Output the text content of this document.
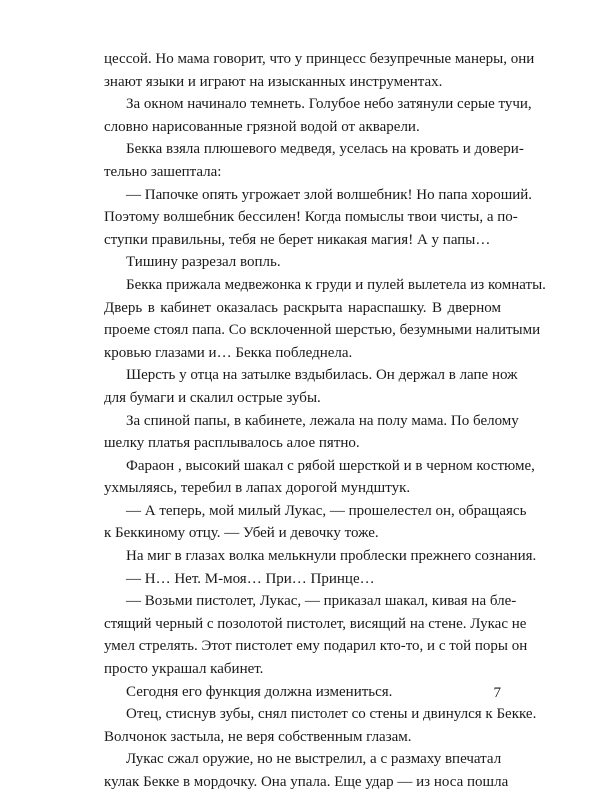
цессой. Но мама говорит, что у принцесс безупречные манеры, они
знают языки и играют на изысканных инструментах.
За окном начинало темнеть. Голубое небо затянули серые тучи,
словно нарисованные грязной водой от акварели.
Бекка взяла плюшевого медведя, уселась на кровать и довери-
тельно зашептала:
— Папочке опять угрожает злой волшебник! Но папа хороший.
Поэтому волшебник бессилен! Когда помыслы твои чисты, а по-
ступки правильны, тебя не берет никакая магия! А у папы…
Тишину разрезал вопль.
Бекка прижала медвежонка к груди и пулей вылетела из комнаты.
Дверь в кабинет оказалась раскрыта нараспашку. В дверном
проеме стоял папа. Со всклоченной шерстью, безумными налитыми
кровью глазами и… Бекка побледнела.
Шерсть у отца на затылке вздыбилась. Он держал в лапе нож
для бумаги и скалил острые зубы.
За спиной папы, в кабинете, лежала на полу мама. По белому
шелку платья расплывалось алое пятно.
Фараон , высокий шакал с рябой шерсткой и в черном костюме,
ухмыляясь, теребил в лапах дорогой мундштук.
— А теперь, мой милый Лукас, — прошелестел он, обращаясь
к Беккиному отцу. — Убей и девочку тоже.
На миг в глазах волка мелькнули проблески прежнего сознания.
— Н… Нет. М-моя… При… Принце…
— Возьми пистолет, Лукас, — приказал шакал, кивая на бле-
стящий черный с позолотой пистолет, висящий на стене. Лукас не
умел стрелять. Этот пистолет ему подарил кто-то, и с той поры он
просто украшал кабинет.
Сегодня его функция должна измениться.
Отец, стиснув зубы, снял пистолет со стены и двинулся к Бекке.
Волчонок застыла, не веря собственным глазам.
Лукас сжал оружие, но не выстрелил, а с размаху впечатал
кулак Бекке в мордочку. Она упала. Еще удар — из носа пошла
7
